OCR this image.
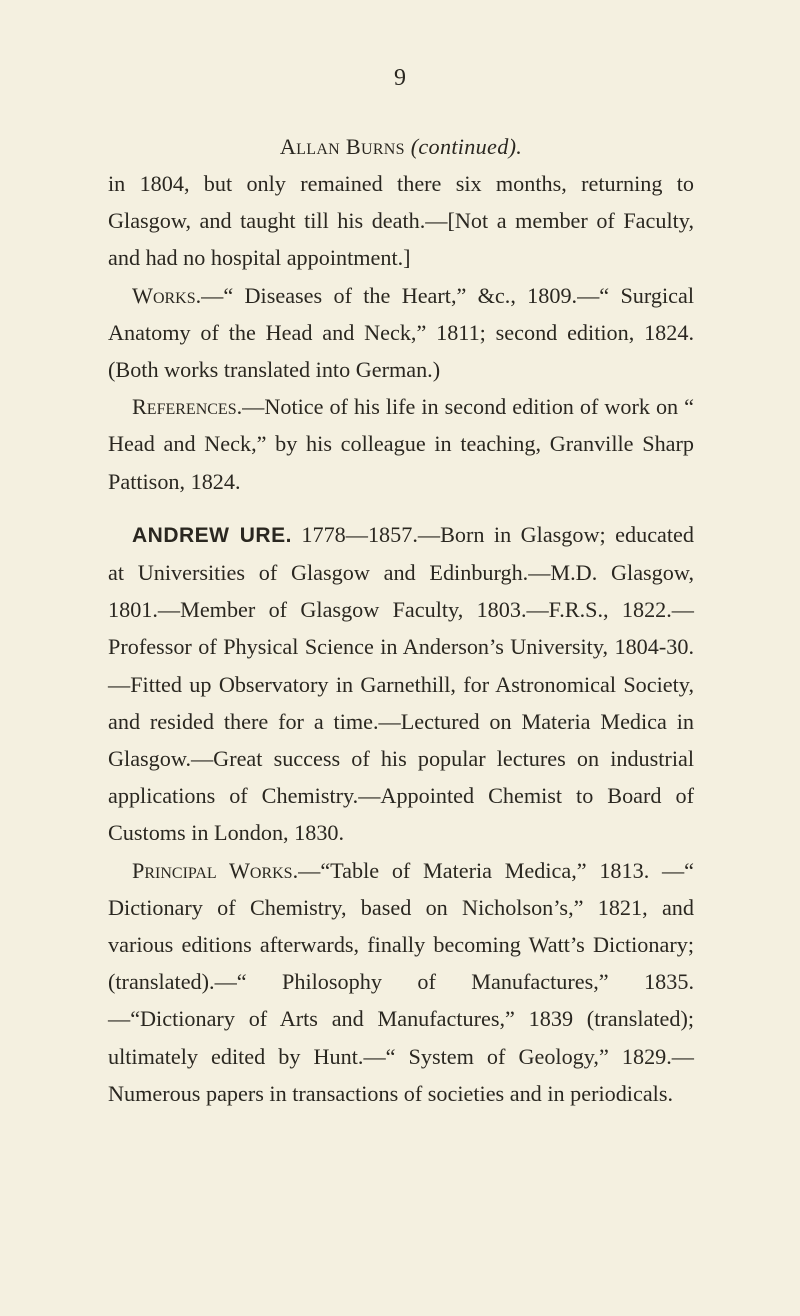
9
Allan Burns (continued).

in 1804, but only remained there six months, returning to Glasgow, and taught till his death.—[Not a member of Faculty, and had no hospital appointment.]

Works.—“ Diseases of the Heart,” &c., 1809.—“ Surgical Anatomy of the Head and Neck,” 1811; second edition, 1824. (Both works translated into German.)

References.—Notice of his life in second edition of work on “ Head and Neck,” by his colleague in teaching, Granville Sharp Pattison, 1824.

ANDREW URE. 1778—1857.—Born in Glasgow; educated at Universities of Glasgow and Edinburgh.—M.D. Glasgow, 1801.—Member of Glasgow Faculty, 1803.—F.R.S., 1822.—Professor of Physical Science in Anderson’s University, 1804-30.—Fitted up Observatory in Garnethill, for Astronomical Society, and resided there for a time.—Lectured on Materia Medica in Glasgow.—Great success of his popular lectures on industrial applications of Chemistry.—Appointed Chemist to Board of Customs in London, 1830.

Principal Works.—“Table of Materia Medica,” 1813. —“ Dictionary of Chemistry, based on Nicholson’s,” 1821, and various editions afterwards, finally becoming Watt’s Dictionary; (translated).—“ Philosophy of Manufactures,” 1835.—“Dictionary of Arts and Manufactures,” 1839 (translated); ultimately edited by Hunt.—“ System of Geology,” 1829.—Numerous papers in transactions of societies and in periodicals.
